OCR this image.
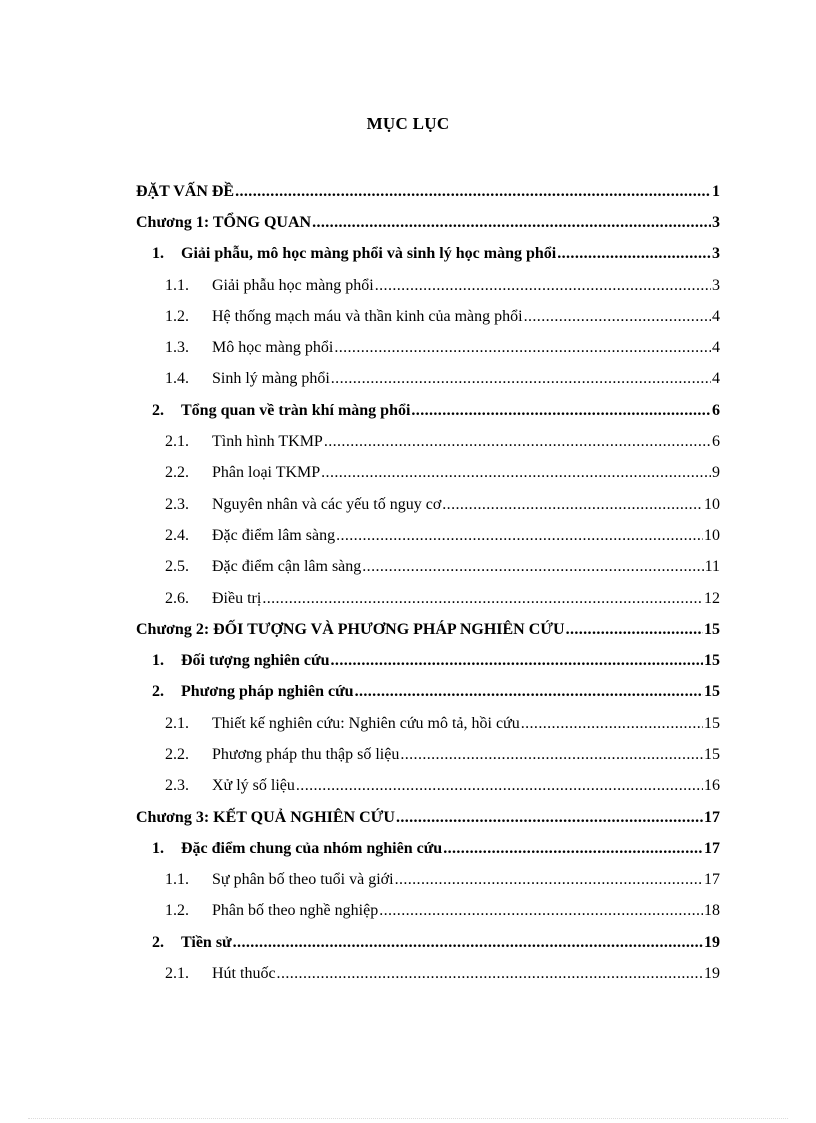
MỤC LỤC
ĐẶT VẤN ĐỀ .....	1
Chương 1: TỔNG QUAN .....	3
1.	Giải phẫu, mô học màng phổi và sinh lý học màng phổi .....	3
1.1.	Giải phẫu học màng phổi .....	3
1.2.	Hệ thống mạch máu và thần kinh của màng phổi .....	4
1.3.	Mô học màng phổi .....	4
1.4.	Sinh lý màng phổi .....	4
2.	Tổng quan về tràn khí màng phổi .....	6
2.1.	Tình hình TKMP .....	6
2.2.	Phân loại TKMP .....	9
2.3.	Nguyên nhân và các yếu tố nguy cơ .....	10
2.4.	Đặc điểm lâm sàng .....	10
2.5.	Đặc điểm cận lâm sàng .....	11
2.6.	Điều trị .....	12
Chương 2: ĐỐI TƯỢNG VÀ PHƯƠNG PHÁP NGHIÊN CỨU .....	15
1.	Đối tượng nghiên cứu .....	15
2.	Phương pháp nghiên cứu .....	15
2.1.	Thiết kế nghiên cứu: Nghiên cứu mô tả, hồi cứu .....	15
2.2.	Phương pháp thu thập số liệu .....	15
2.3.	Xử lý số liệu .....	16
Chương 3: KẾT QUẢ NGHIÊN CỨU .....	17
1.	Đặc điểm chung của nhóm nghiên cứu .....	17
1.1.	Sự phân bố theo tuổi và giới .....	17
1.2.	Phân bố theo nghề nghiệp .....	18
2.	Tiền sử .....	19
2.1.	Hút thuốc .....	19
